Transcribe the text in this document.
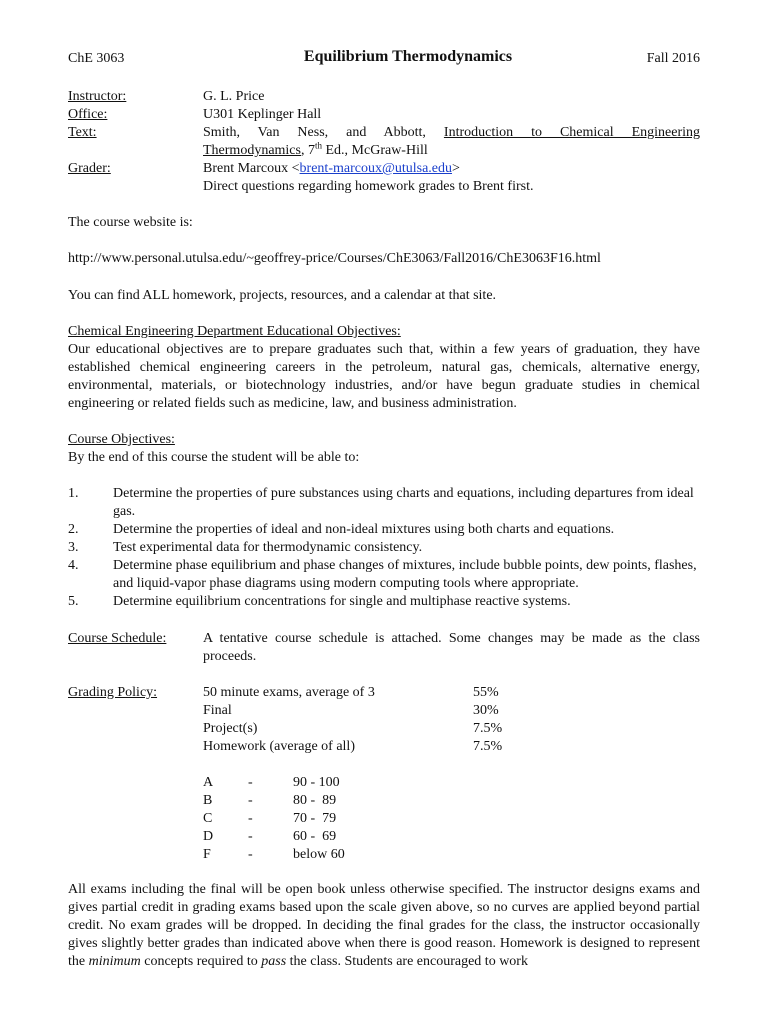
ChE 3063	Equilibrium Thermodynamics	Fall 2016
Instructor:	G. L. Price
Office:	U301 Keplinger Hall
Text:	Smith, Van Ness, and Abbott, Introduction to Chemical Engineering
Thermodynamics, 7th Ed., McGraw-Hill
Grader:	Brent Marcoux <brent-marcoux@utulsa.edu>
Direct questions regarding homework grades to Brent first.
The course website is:
http://www.personal.utulsa.edu/~geoffrey-price/Courses/ChE3063/Fall2016/ChE3063F16.html
You can find ALL homework, projects, resources, and a calendar at that site.
Chemical Engineering Department Educational Objectives:
Our educational objectives are to prepare graduates such that, within a few years of graduation, they have established chemical engineering careers in the petroleum, natural gas, chemicals, alternative energy, environmental, materials, or biotechnology industries, and/or have begun graduate studies in chemical engineering or related fields such as medicine, law, and business administration.
Course Objectives:
By the end of this course the student will be able to:
1. Determine the properties of pure substances using charts and equations, including departures from ideal gas.
2. Determine the properties of ideal and non-ideal mixtures using both charts and equations.
3. Test experimental data for thermodynamic consistency.
4. Determine phase equilibrium and phase changes of mixtures, include bubble points, dew points, flashes, and liquid-vapor phase diagrams using modern computing tools where appropriate.
5. Determine equilibrium concentrations for single and multiphase reactive systems.
Course Schedule:	A tentative course schedule is attached. Some changes may be made as the class proceeds.
Grading Policy:	50 minute exams, average of 3	55%
Final	30%
Project(s)	7.5%
Homework (average of all)	7.5%
A -	90 - 100
B	-	80 -  89
C	-	70 -  79
D -	60 -  69
F	-	below 60
All exams including the final will be open book unless otherwise specified. The instructor designs exams and gives partial credit in grading exams based upon the scale given above, so no curves are applied beyond partial credit. No exam grades will be dropped. In deciding the final grades for the class, the instructor occasionally gives slightly better grades than indicated above when there is good reason. Homework is designed to represent the minimum concepts required to pass the class. Students are encouraged to work
